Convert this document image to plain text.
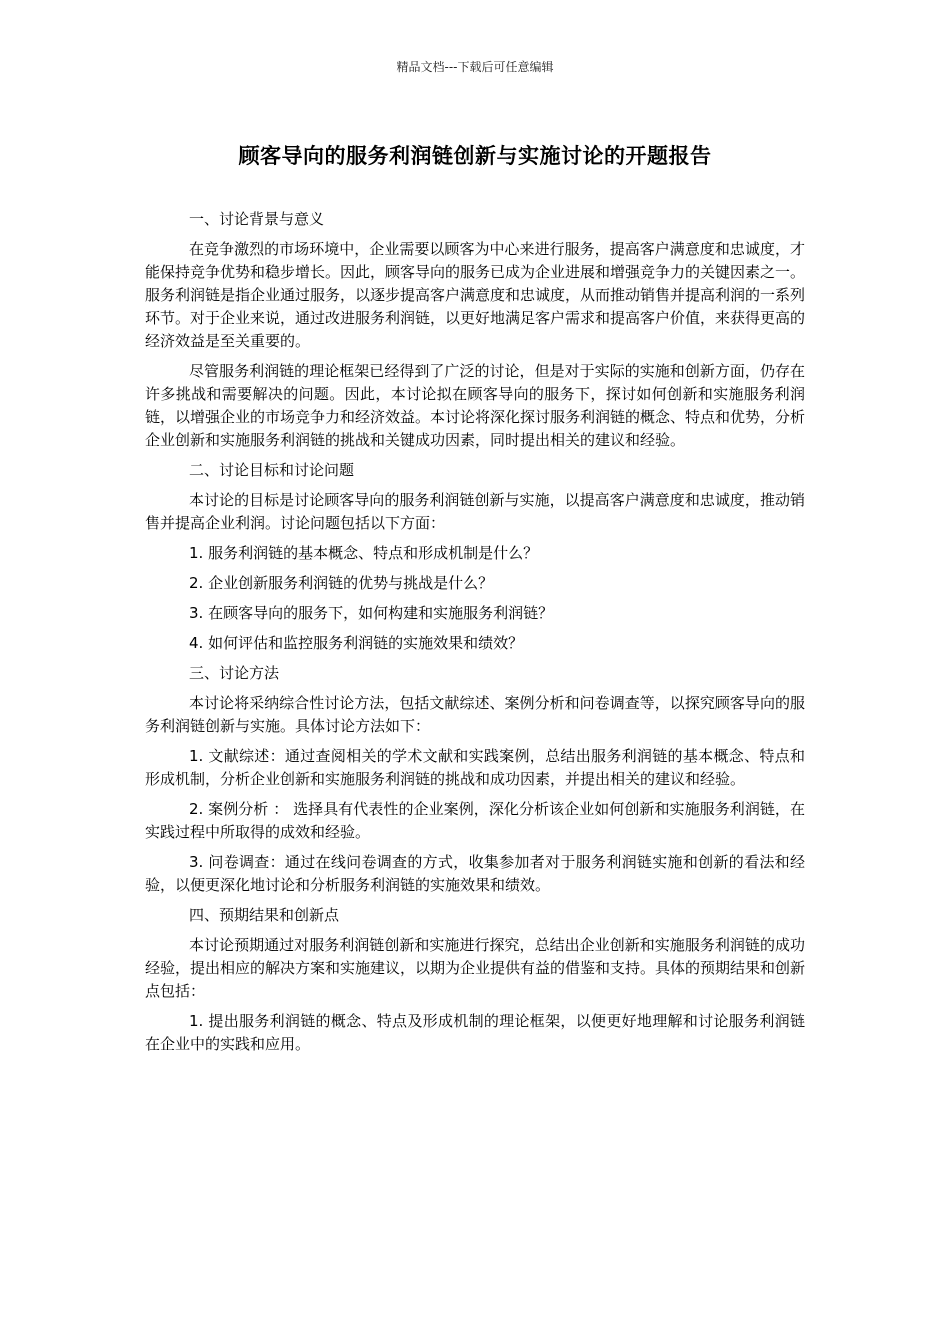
精品文档---下载后可任意编辑
顾客导向的服务利润链创新与实施讨论的开题报告
一、讨论背景与意义
在竞争激烈的市场环境中，企业需要以顾客为中心来进行服务，提高客户满意度和忠诚度，才能保持竞争优势和稳步增长。因此，顾客导向的服务已成为企业进展和增强竞争力的关键因素之一。服务利润链是指企业通过服务，以逐步提高客户满意度和忠诚度，从而推动销售并提高利润的一系列环节。对于企业来说，通过改进服务利润链，以更好地满足客户需求和提高客户价值，来获得更高的经济效益是至关重要的。
尽管服务利润链的理论框架已经得到了广泛的讨论，但是对于实际的实施和创新方面，仍存在许多挑战和需要解决的问题。因此，本讨论拟在顾客导向的服务下，探讨如何创新和实施服务利润链，以增强企业的市场竞争力和经济效益。本讨论将深化探讨服务利润链的概念、特点和优势，分析企业创新和实施服务利润链的挑战和关键成功因素，同时提出相关的建议和经验。
二、讨论目标和讨论问题
本讨论的目标是讨论顾客导向的服务利润链创新与实施，以提高客户满意度和忠诚度，推动销售并提高企业利润。讨论问题包括以下方面：
1. 服务利润链的基本概念、特点和形成机制是什么？
2. 企业创新服务利润链的优势与挑战是什么？
3. 在顾客导向的服务下，如何构建和实施服务利润链？
4. 如何评估和监控服务利润链的实施效果和绩效？
三、讨论方法
本讨论将采纳综合性讨论方法，包括文献综述、案例分析和问卷调查等，以探究顾客导向的服务利润链创新与实施。具体讨论方法如下：
1. 文献综述：通过查阅相关的学术文献和实践案例，总结出服务利润链的基本概念、特点和形成机制，分析企业创新和实施服务利润链的挑战和成功因素，并提出相关的建议和经验。
2. 案例分析 ： 选择具有代表性的企业案例，深化分析该企业如何创新和实施服务利润链，在实践过程中所取得的成效和经验。
3. 问卷调查：通过在线问卷调查的方式，收集参加者对于服务利润链实施和创新的看法和经验，以便更深化地讨论和分析服务利润链的实施效果和绩效。
四、预期结果和创新点
本讨论预期通过对服务利润链创新和实施进行探究，总结出企业创新和实施服务利润链的成功经验，提出相应的解决方案和实施建议，以期为企业提供有益的借鉴和支持。具体的预期结果和创新点包括：
1. 提出服务利润链的概念、特点及形成机制的理论框架，以便更好地理解和讨论服务利润链在企业中的实践和应用。
